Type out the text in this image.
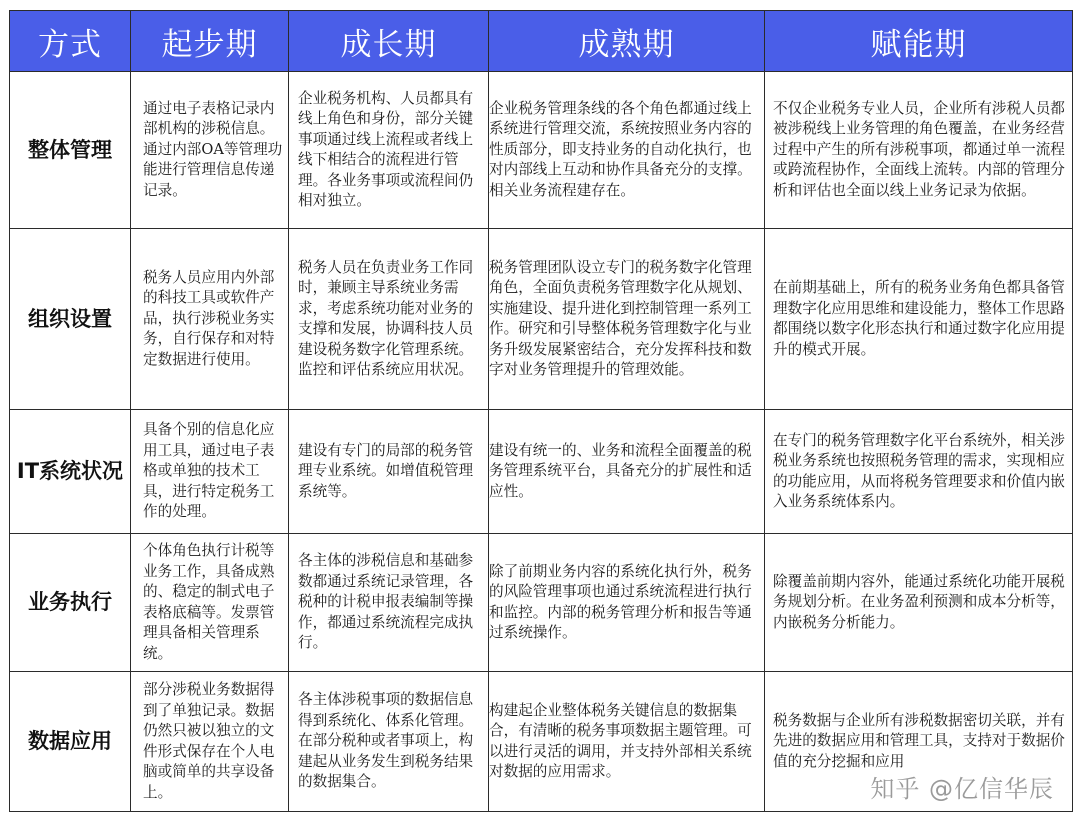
方式	起步期	成长期	成熟期	赋能期
整体管理	通过电子表格记录内部机构的涉税信息。通过内部OA等管理功能进行管理信息传递记录。	企业税务机构、人员都具有线上角色和身份，部分关键事项通过线上流程或者线上线下相结合的流程进行管理。各业务事项或流程间仍相对独立。	企业税务管理条线的各个角色都通过线上系统进行管理交流，系统按照业务内容的性质部分，即支持业务的自动化执行，也对内部线上互动和协作具备充分的支撑。相关业务流程建存在。	不仅企业税务专业人员，企业所有涉税人员都被涉税线上业务管理的角色覆盖，在业务经营过程中产生的所有涉税事项，都通过单一流程或跨流程协作，全面线上流转。内部的管理分析和评估也全面以线上业务记录为依据。
组织设置	税务人员应用内外部的科技工具或软件产品，执行涉税业务实务，自行保存和对特定数据进行使用。	税务人员在负责业务工作同时，兼顾主导系统业务需求，考虑系统功能对业务的支撑和发展，协调科技人员建设税务数字化管理系统。监控和评估系统应用状况。	税务管理团队设立专门的税务数字化管理角色，全面负责税务管理数字化从规划、实施建设、提升进化到控制管理一系列工作。研究和引导整体税务管理数字化与业务升级发展紧密结合，充分发挥科技和数字对业务管理提升的管理效能。	在前期基础上，所有的税务业务角色都具备管理数字化应用思维和建设能力，整体工作思路都围绕以数字化形态执行和通过数字化应用提升的模式开展。
IT系统状况	具备个别的信息化应用工具，通过电子表格或单独的技术工具，进行特定税务工作的处理。	建设有专门的局部的税务管理专业系统。如增值税管理系统等。	建设有统一的、业务和流程全面覆盖的税务管理系统平台，具备充分的扩展性和适应性。	在专门的税务管理数字化平台系统外，相关涉税业务系统也按照税务管理的需求，实现相应的功能应用，从而将税务管理要求和价值内嵌入业务系统体系内。
业务执行	个体角色执行计税等业务工作，具备成熟的、稳定的制式电子表格底稿等。发票管理具备相关管理系统。	各主体的涉税信息和基础参数都通过系统记录管理，各税种的计税申报表编制等操作，都通过系统流程完成执行。	除了前期业务内容的系统化执行外，税务的风险管理事项也通过系统流程进行执行和监控。内部的税务管理分析和报告等通过系统操作。	除覆盖前期内容外，能通过系统化功能开展税务规划分析。在业务盈利预测和成本分析等，内嵌税务分析能力。
数据应用	部分涉税业务数据得到了单独记录。数据仍然只被以独立的文件形式保存在个人电脑或简单的共享设备上。	各主体涉税事项的数据信息得到系统化、体系化管理。在部分税种或者事项上，构建起从业务发生到税务结果的数据集合。	构建起企业整体税务关键信息的数据集合，有清晰的税务事项数据主题管理。可以进行灵活的调用，并支持外部相关系统对数据的应用需求。	税务数据与企业所有涉税数据密切关联，并有先进的数据应用和管理工具，支持对于数据价值的充分挖掘和应用
知乎 @亿信华辰
